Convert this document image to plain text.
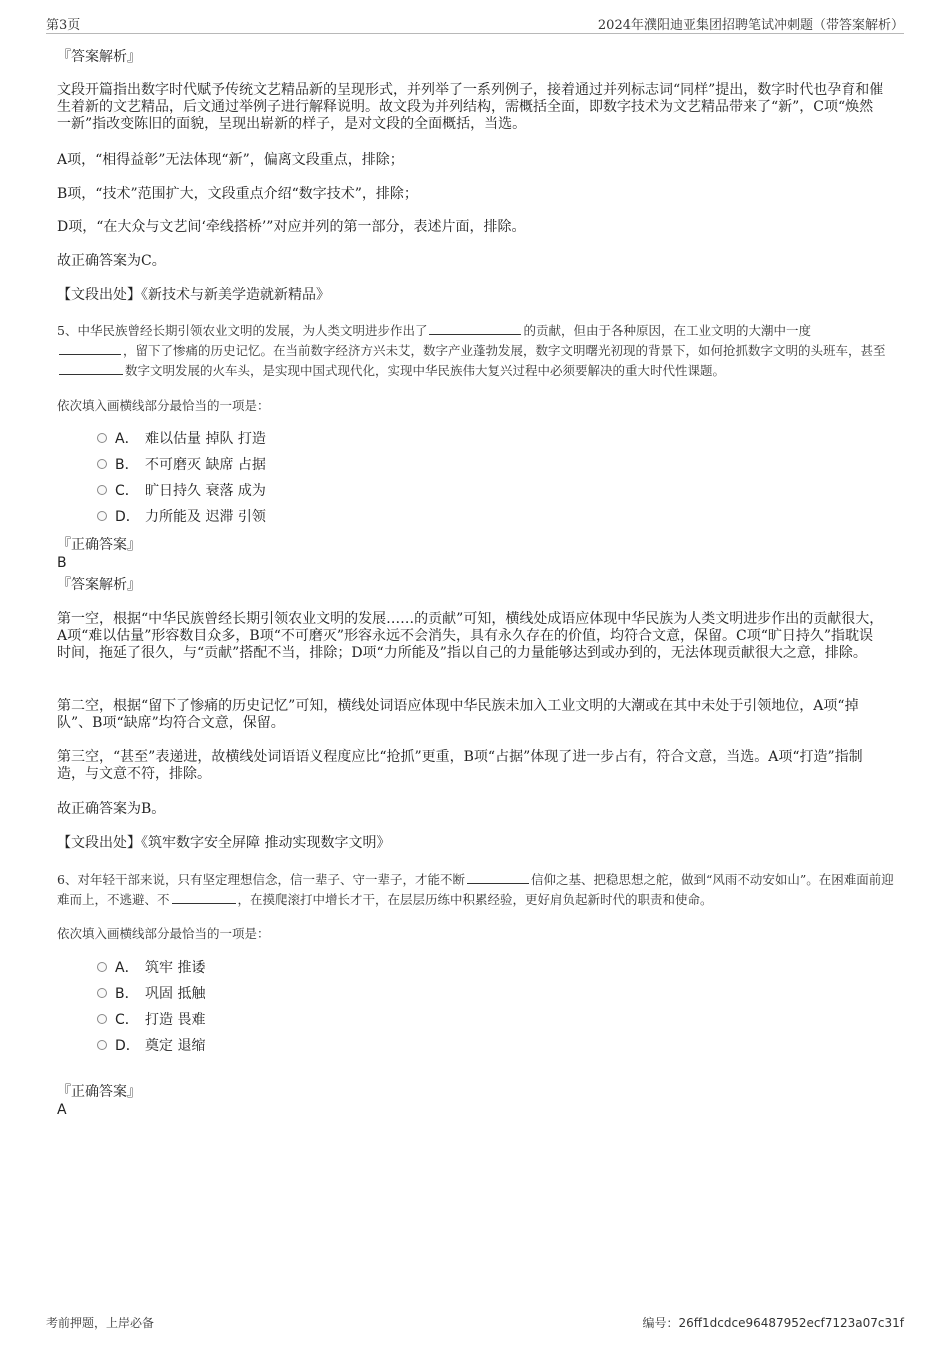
第3页	2024年濮阳迪亚集团招聘笔试冲刺题（带答案解析）
『答案解析』
文段开篇指出数字时代赋予传统文艺精品新的呈现形式，并列举了一系列例子，接着通过并列标志词“同样”提出，数字时代也孕育和催生着新的文艺精品，后文通过举例子进行解释说明。故文段为并列结构，需概括全面，即数字技术为文艺精品带来了“新”，C项“焕然一新”指改变陈旧的面貌，呈现出崭新的样子，是对文段的全面概括，当选。
A项，“相得益彰”无法体现“新”，偏离文段重点，排除；
B项，“技术”范围扩大，文段重点介绍“数字技术”，排除；
D项，“在大众与文艺间‘牵线搭桥’”对应并列的第一部分，表述片面，排除。
故正确答案为C。
【文段出处】《新技术与新美学造就新精品》
5、中华民族曾经长期引领农业文明的发展，为人类文明进步作出了	的贡献，但由于各种原因，在工业文明的大潮中一度
，留下了惨痛的历史记忆。在当前数字经济方兴未艾，数字产业蓬勃发展，数字文明曙光初现的背景下，如何抢抓数字文明的头班车，甚至数字文明发展的火车头，是实现中国式现代化，实现中华民族伟大复兴过程中必须要解决的重大时代性课题。
依次填入画横线部分最恰当的一项是：
A． 难以估量 掉队 打造
B． 不可磨灭 缺席 占据
C． 旷日持久 衰落 成为
D． 力所能及 迟滞 引领
『正确答案』
B
『答案解析』
第一空，根据“中华民族曾经长期引领农业文明的发展……的贡献”可知，横线处成语应体现中华民族为人类文明进步作出的贡献很大，A项“难以估量”形容数目众多，B项“不可磨灭”形容永远不会消失，具有永久存在的价值，均符合文意，保留。C项“旷日持久”指耽误时间，拖延了很久，与“贡献”搭配不当，排除；D项“力所能及”指以自己的力量能够达到或办到的，无法体现贡献很大之意，排除。
第二空，根据“留下了惨痛的历史记忆”可知，横线处词语应体现中华民族未加入工业文明的大潮或在其中未处于引领地位，A项“掉队”、B项“缺席”均符合文意，保留。
第三空，“甚至”表递进，故横线处词语语义程度应比“抢抓”更重，B项“占据”体现了进一步占有，符合文意，当选。A项“打造”指制造，与文意不符，排除。
故正确答案为B。
【文段出处】《筑牢数字安全屏障 推动实现数字文明》
6、对年轻干部来说，只有坚定理想信念，信一辈子、守一辈子，才能不断	信仰之基、把稳思想之舵，做到“风雨不动安如山”。在困难面前迎难而上，不逃避、不	，在摸爬滚打中增长才干，在层层历练中积累经验，更好肩负起新时代的职责和使命。
依次填入画横线部分最恰当的一项是：
A． 筑牢 推诿
B． 巩固 抵触
C． 打造 畏难
D． 奠定 退缩
『正确答案』
A
考前押题，上岸必备	编号：26ff1dcdce96487952ecf7123a07c31f
